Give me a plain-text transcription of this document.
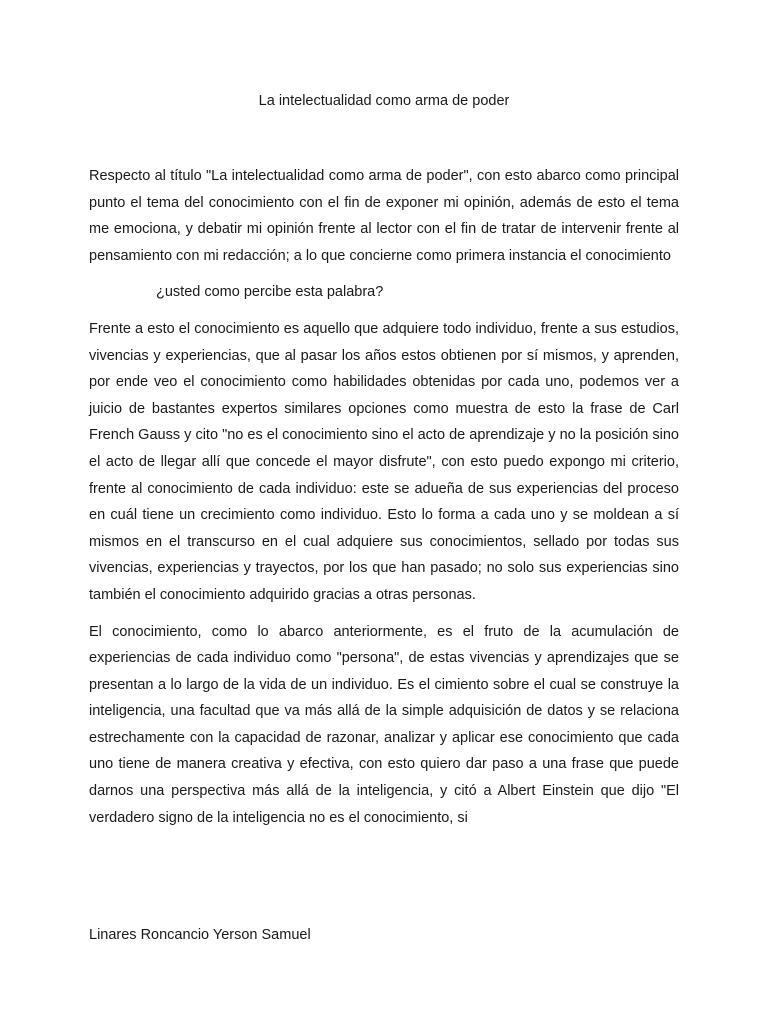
La intelectualidad como arma de poder

Respecto al título "La intelectualidad como arma de poder", con esto abarco como principal punto el tema del conocimiento con el fin de exponer mi opinión, además de esto el tema me emociona, y debatir mi opinión frente al lector con el fin de tratar de intervenir frente al pensamiento con mi redacción; a lo que concierne como primera instancia el conocimiento

¿usted como percibe esta palabra?

Frente a esto el conocimiento es aquello que adquiere todo individuo, frente a sus estudios, vivencias y experiencias, que al pasar los años estos obtienen por sí mismos, y aprenden, por ende veo el conocimiento como habilidades obtenidas por cada uno, podemos ver a juicio de bastantes expertos similares opciones como muestra de esto la frase de Carl French Gauss y cito "no es el conocimiento sino el acto de aprendizaje y no la posición sino el acto de llegar allí que concede el mayor disfrute", con esto puedo expongo mi criterio, frente al conocimiento de cada individuo: este se adueña de sus experiencias del proceso en cuál tiene un crecimiento como individuo. Esto lo forma a cada uno y se moldean a sí mismos en el transcurso en el cual adquiere sus conocimientos, sellado por todas sus vivencias, experiencias y trayectos, por los que han pasado; no solo sus experiencias sino también el conocimiento adquirido gracias a otras personas.

El conocimiento, como lo abarco anteriormente, es el fruto de la acumulación de experiencias de cada individuo como "persona", de estas vivencias y aprendizajes que se presentan a lo largo de la vida de un individuo. Es el cimiento sobre el cual se construye la inteligencia, una facultad que va más allá de la simple adquisición de datos y se relaciona estrechamente con la capacidad de razonar, analizar y aplicar ese conocimiento que cada uno tiene de manera creativa y efectiva, con esto quiero dar paso a una frase que puede darnos una perspectiva más allá de la inteligencia, y citó a Albert Einstein que dijo "El verdadero signo de la inteligencia no es el conocimiento, si

Linares Roncancio Yerson Samuel
